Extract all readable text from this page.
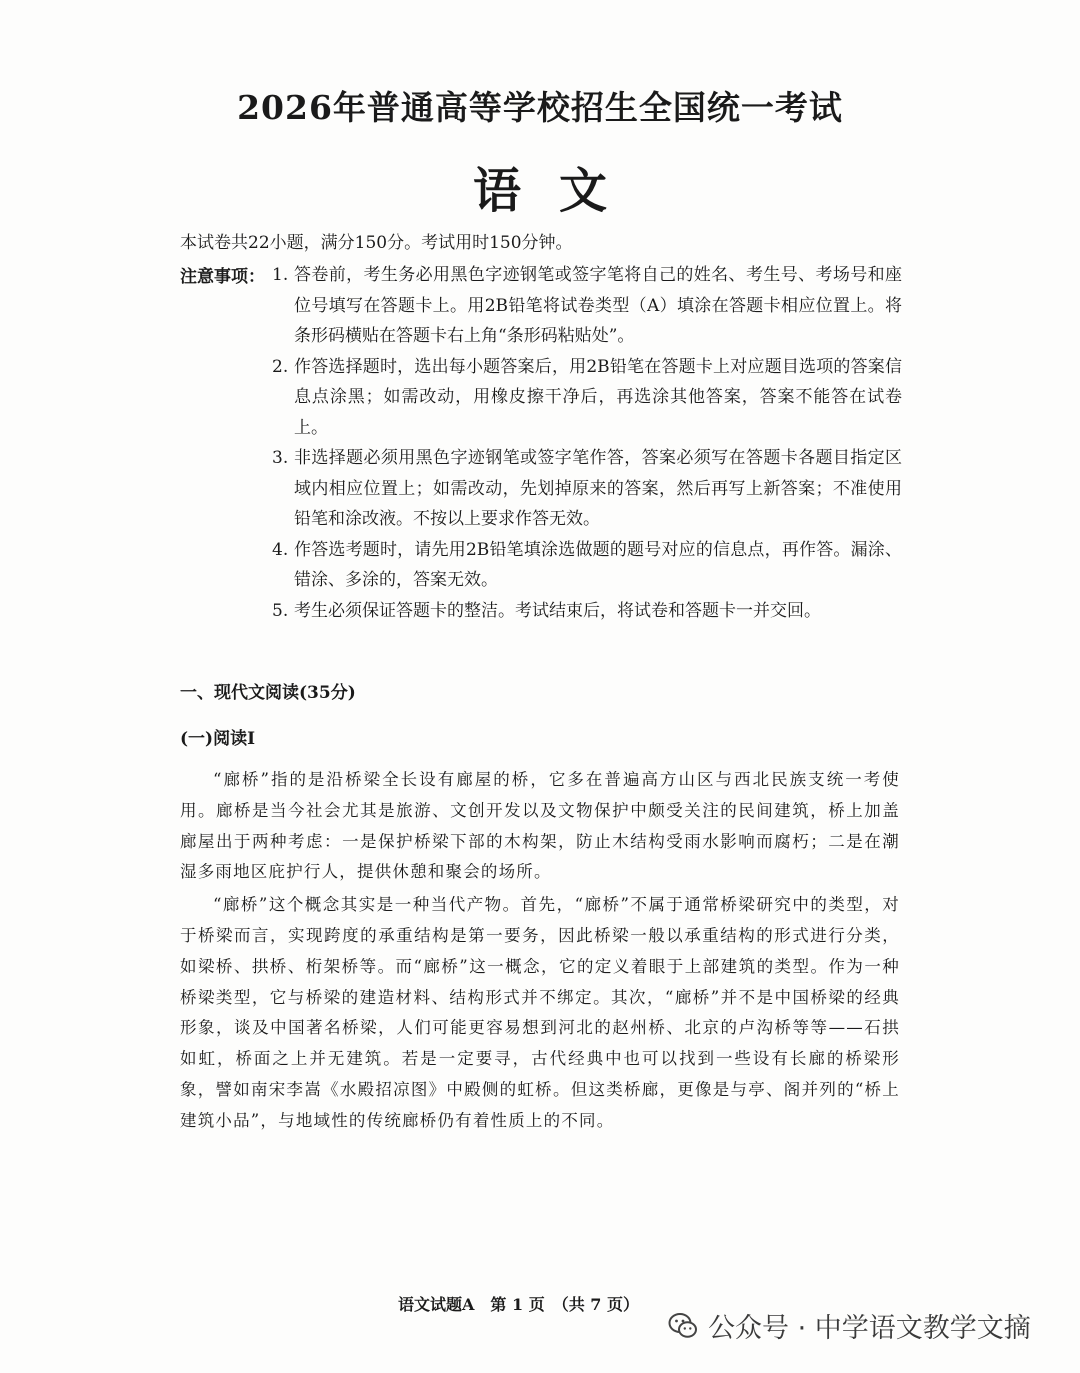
2026年普通高等学校招生全国统一考试
语文
本试卷共22小题，满分150分。考试用时150分钟。
注意事项： 1. 答卷前，考生务必用黑色字迹钢笔或签字笔将自己的姓名、考生号、考场号和座位号填写在答题卡上。用2B铅笔将试卷类型（A）填涂在答题卡相应位置上。将条形码横贴在答题卡右上角“条形码粘贴处”。
2. 作答选择题时，选出每小题答案后，用2B铅笔在答题卡上对应题目选项的答案信息点涂黑；如需改动，用橡皮擦干净后，再选涂其他答案，答案不能答在试卷上。
3. 非选择题必须用黑色字迹钢笔或签字笔作答，答案必须写在答题卡各题目指定区域内相应位置上；如需改动，先划掉原来的答案，然后再写上新答案；不准使用铅笔和涂改液。不按以上要求作答无效。
4. 作答选考题时，请先用2B铅笔填涂选做题的题号对应的信息点，再作答。漏涂、错涂、多涂的，答案无效。
5. 考生必须保证答题卡的整洁。考试结束后，将试卷和答题卡一并交回。
一、现代文阅读(35分)
(一)阅读I

“廊桥”指的是沿桥梁全长设有廊屋的桥，它多在普遍高方山区与西北民族支统一考使用。廊桥是当今社会尤其是旅游、文创开发以及文物保护中颇受关注的民间建筑，桥上加盖廊屋出于两种考虑：一是保护桥梁下部的木构架，防止木结构受雨水影响而腐朽；二是在潮湿多雨地区庇护行人，提供休憩和聚会的场所。

“廊桥”这个概念其实是一种当代产物。首先，“廊桥”不属于通常桥梁研究中的类型，对于桥梁而言，实现跨度的承重结构是第一要务，因此桥梁一般以承重结构的形式进行分类，如梁桥、拱桥、桁架桥等。而“廊桥”这一概念，它的定义着眼于上部建筑的类型。作为一种桥梁类型，它与桥梁的建造材料、结构形式并不绑定。其次，“廊桥”并不是中国桥梁的经典形象，谈及中国著名桥梁，人们可能更容易想到河北的赵州桥、北京的卢沟桥等等——石拱如虹，桥面之上并无建筑。若是一定要寻，古代经典中也可以找到一些设有长廊的桥梁形象，譬如南宋李嵩《水殿招凉图》中殿侧的虹桥。但这类桥廊，更像是与亭、阁并列的“桥上建筑小品”，与地域性的传统廊桥仍有着性质上的不同。

语文试题A　第 1 页　（共 7 页）
公众号 · 中学语文教学文摘
